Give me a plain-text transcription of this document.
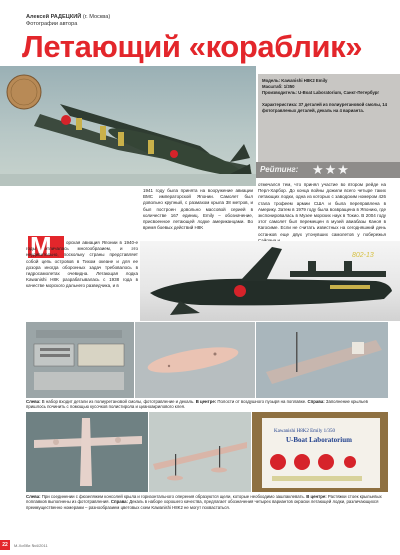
Алексей РАДЕЦКИЙ (г. Москва)
Фотографии автора
Летающий «кораблик»

Модель: Kawanishi H8K2 Emily

Масштаб: 1/350

Производитель: U-Boat Laboratorium, Санкт-Петербург

Характеристика: 37 деталей из полиуретановой смолы, 14 фототравленых деталей, декаль на 4 варианта.

Рейтинг: ★★★
1941 году была принята на вооружение авиации ВМС императорской Японии. Самолет был довольно крупный, с размахом крыла 38 метров, и был построен довольно массовой серией в количестве 167 единиц. Emily – обозначение, присвоенное летающей лодке американцами. Во время боевых действий H8K
отмечался тем, что принял участие во втором рейде на Перл-Харбор. До конца войны дожили всего четыре таких летающих лодки, одна из которых с заводским номером 426 стала трофеем армии США и была переправлена в Америку. Затем в 1979 году была возвращена в Японию, где экспонировалась в Музее морских наук в Токио. В 2004 году этот самолет был перемещен в музей авиабазы Каноя в Кагосиме. Если не считать известных на сегодняшний день останков еще двух утонувших самолетов у побережья
М	орская авиация Японии в 1940-е годы отличалась многообразием, и это неудивительно, поскольку страны представляет собой цепь островов в Тихом океане и для ее дозора иногда оборонных задач требовалось в гидросамолетах очевидна. Летающая лодка Kawanishi H8K разрабатывалась с 1938 года в качестве морского дальнего разведчика, и в
802-13
Слева: В набор входит детали из полиуретановой смолы, фототравление и декаль. В центре: Полости от воздушного пузыря на поплавке. Справа: Заполнение крыльев пришлось починить с помощью кусочков полистирола и цианоакрилового клея.
Kawanishi H8K2 Emily 1/350
U-Boat Laboratorium
Слева: При соединении с фюзеляжем консолей крыла и горизонтального оперения образуются щели, которые необходимо зашпаклевать. В центре: Растяжки стоек крыльевых поплавков выполнены из фототравления. Справа: Декаль в наборе хорошего качества, предлагает обозначения четырех вариантов окраски летающей лодки, различающихся преимущественно номерами – разнообразием цветовых схем Kawanishi H8K2 не могут похвастаться.
22	М-Хобби №4/2011
